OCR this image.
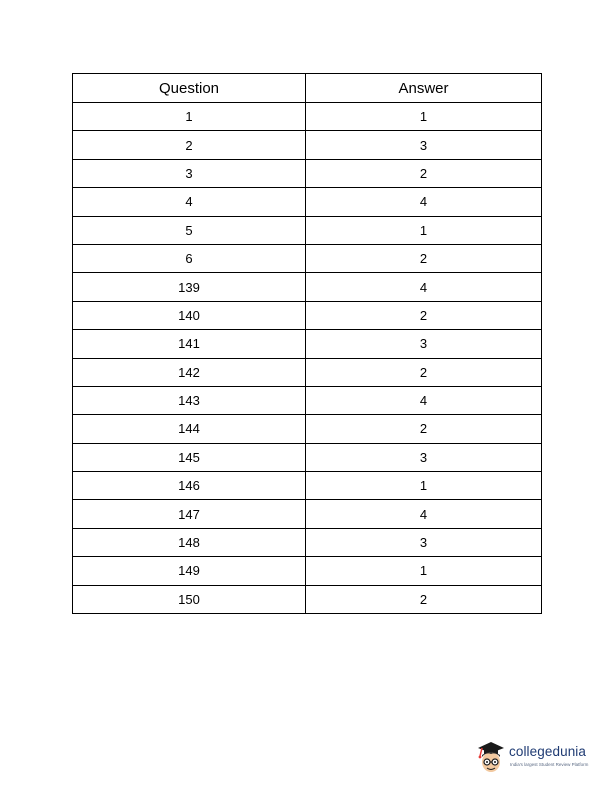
Question	Answer
1	1
2	3
3	2
4	4
5	1
6	2
139	4
140	2
141	3
142	2
143	4
144	2
145	3
146	1
147	4
148	3
149	1
150	2
collegedunia
India's largest Student Review Platform
